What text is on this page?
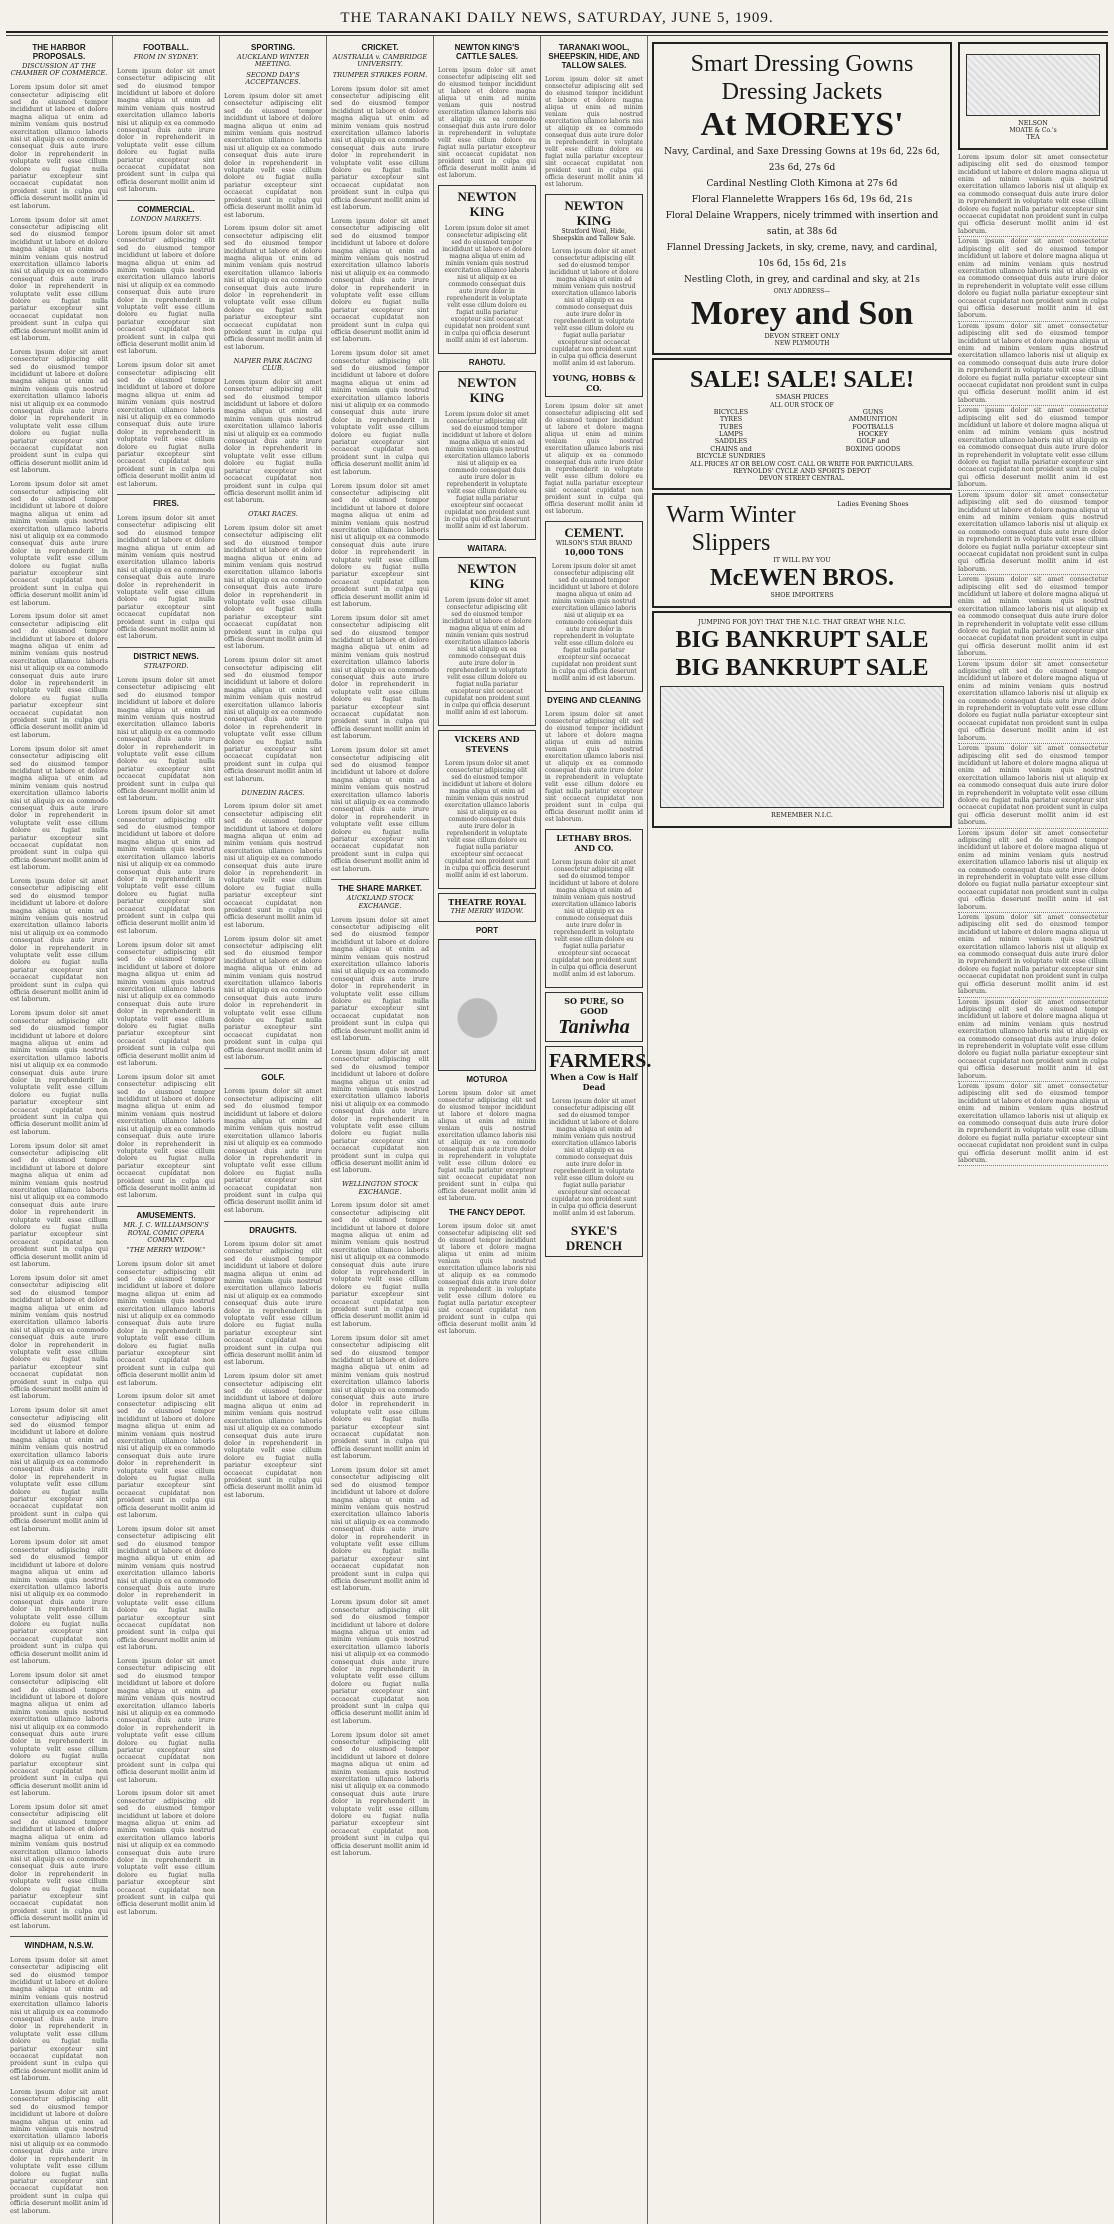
THE TARANAKI DAILY NEWS, SATURDAY, JUNE 5, 1909.
THE HARBOR PROPOSALS.
DISCUSSION AT THE CHAMBER OF COMMERCE.

Lorem ipsum dolor sit amet consectetur adipiscing elit sed do eiusmod tempor incididunt ut labore et dolore magna aliqua ut enim ad minim veniam quis nostrud exercitation ullamco laboris nisi ut aliquip ex ea commodo consequat duis aute irure dolor in reprehenderit in voluptate velit esse cillum dolore eu fugiat nulla pariatur excepteur sint occaecat cupidatat non proident sunt in culpa qui officia deserunt mollit anim id est laborum.

Lorem ipsum dolor sit amet consectetur adipiscing elit sed do eiusmod tempor incididunt ut labore et dolore magna aliqua ut enim ad minim veniam quis nostrud exercitation ullamco laboris nisi ut aliquip ex ea commodo consequat duis aute irure dolor in reprehenderit in voluptate velit esse cillum dolore eu fugiat nulla pariatur excepteur sint occaecat cupidatat non proident sunt in culpa qui officia deserunt mollit anim id est laborum.

Lorem ipsum dolor sit amet consectetur adipiscing elit sed do eiusmod tempor incididunt ut labore et dolore magna aliqua ut enim ad minim veniam quis nostrud exercitation ullamco laboris nisi ut aliquip ex ea commodo consequat duis aute irure dolor in reprehenderit in voluptate velit esse cillum dolore eu fugiat nulla pariatur excepteur sint occaecat cupidatat non proident sunt in culpa qui officia deserunt mollit anim id est laborum.

Lorem ipsum dolor sit amet consectetur adipiscing elit sed do eiusmod tempor incididunt ut labore et dolore magna aliqua ut enim ad minim veniam quis nostrud exercitation ullamco laboris nisi ut aliquip ex ea commodo consequat duis aute irure dolor in reprehenderit in voluptate velit esse cillum dolore eu fugiat nulla pariatur excepteur sint occaecat cupidatat non proident sunt in culpa qui officia deserunt mollit anim id est laborum.

Lorem ipsum dolor sit amet consectetur adipiscing elit sed do eiusmod tempor incididunt ut labore et dolore magna aliqua ut enim ad minim veniam quis nostrud exercitation ullamco laboris nisi ut aliquip ex ea commodo consequat duis aute irure dolor in reprehenderit in voluptate velit esse cillum dolore eu fugiat nulla pariatur excepteur sint occaecat cupidatat non proident sunt in culpa qui officia deserunt mollit anim id est laborum.

Lorem ipsum dolor sit amet consectetur adipiscing elit sed do eiusmod tempor incididunt ut labore et dolore magna aliqua ut enim ad minim veniam quis nostrud exercitation ullamco laboris nisi ut aliquip ex ea commodo consequat duis aute irure dolor in reprehenderit in voluptate velit esse cillum dolore eu fugiat nulla pariatur excepteur sint occaecat cupidatat non proident sunt in culpa qui officia deserunt mollit anim id est laborum.

Lorem ipsum dolor sit amet consectetur adipiscing elit sed do eiusmod tempor incididunt ut labore et dolore magna aliqua ut enim ad minim veniam quis nostrud exercitation ullamco laboris nisi ut aliquip ex ea commodo consequat duis aute irure dolor in reprehenderit in voluptate velit esse cillum dolore eu fugiat nulla pariatur excepteur sint occaecat cupidatat non proident sunt in culpa qui officia deserunt mollit anim id est laborum.

Lorem ipsum dolor sit amet consectetur adipiscing elit sed do eiusmod tempor incididunt ut labore et dolore magna aliqua ut enim ad minim veniam quis nostrud exercitation ullamco laboris nisi ut aliquip ex ea commodo consequat duis aute irure dolor in reprehenderit in voluptate velit esse cillum dolore eu fugiat nulla pariatur excepteur sint occaecat cupidatat non proident sunt in culpa qui officia deserunt mollit anim id est laborum.

Lorem ipsum dolor sit amet consectetur adipiscing elit sed do eiusmod tempor incididunt ut labore et dolore magna aliqua ut enim ad minim veniam quis nostrud exercitation ullamco laboris nisi ut aliquip ex ea commodo consequat duis aute irure dolor in reprehenderit in voluptate velit esse cillum dolore eu fugiat nulla pariatur excepteur sint occaecat cupidatat non proident sunt in culpa qui officia deserunt mollit anim id est laborum.

Lorem ipsum dolor sit amet consectetur adipiscing elit sed do eiusmod tempor incididunt ut labore et dolore magna aliqua ut enim ad minim veniam quis nostrud exercitation ullamco laboris nisi ut aliquip ex ea commodo consequat duis aute irure dolor in reprehenderit in voluptate velit esse cillum dolore eu fugiat nulla pariatur excepteur sint occaecat cupidatat non proident sunt in culpa qui officia deserunt mollit anim id est laborum.

Lorem ipsum dolor sit amet consectetur adipiscing elit sed do eiusmod tempor incididunt ut labore et dolore magna aliqua ut enim ad minim veniam quis nostrud exercitation ullamco laboris nisi ut aliquip ex ea commodo consequat duis aute irure dolor in reprehenderit in voluptate velit esse cillum dolore eu fugiat nulla pariatur excepteur sint occaecat cupidatat non proident sunt in culpa qui officia deserunt mollit anim id est laborum.

Lorem ipsum dolor sit amet consectetur adipiscing elit sed do eiusmod tempor incididunt ut labore et dolore magna aliqua ut enim ad minim veniam quis nostrud exercitation ullamco laboris nisi ut aliquip ex ea commodo consequat duis aute irure dolor in reprehenderit in voluptate velit esse cillum dolore eu fugiat nulla pariatur excepteur sint occaecat cupidatat non proident sunt in culpa qui officia deserunt mollit anim id est laborum.

Lorem ipsum dolor sit amet consectetur adipiscing elit sed do eiusmod tempor incididunt ut labore et dolore magna aliqua ut enim ad minim veniam quis nostrud exercitation ullamco laboris nisi ut aliquip ex ea commodo consequat duis aute irure dolor in reprehenderit in voluptate velit esse cillum dolore eu fugiat nulla pariatur excepteur sint occaecat cupidatat non proident sunt in culpa qui officia deserunt mollit anim id est laborum.

Lorem ipsum dolor sit amet consectetur adipiscing elit sed do eiusmod tempor incididunt ut labore et dolore magna aliqua ut enim ad minim veniam quis nostrud exercitation ullamco laboris nisi ut aliquip ex ea commodo consequat duis aute irure dolor in reprehenderit in voluptate velit esse cillum dolore eu fugiat nulla pariatur excepteur sint occaecat cupidatat non proident sunt in culpa qui officia deserunt mollit anim id est laborum.

WINDHAM, N.S.W.

Lorem ipsum dolor sit amet consectetur adipiscing elit sed do eiusmod tempor incididunt ut labore et dolore magna aliqua ut enim ad minim veniam quis nostrud exercitation ullamco laboris nisi ut aliquip ex ea commodo consequat duis aute irure dolor in reprehenderit in voluptate velit esse cillum dolore eu fugiat nulla pariatur excepteur sint occaecat cupidatat non proident sunt in culpa qui officia deserunt mollit anim id est laborum.

Lorem ipsum dolor sit amet consectetur adipiscing elit sed do eiusmod tempor incididunt ut labore et dolore magna aliqua ut enim ad minim veniam quis nostrud exercitation ullamco laboris nisi ut aliquip ex ea commodo consequat duis aute irure dolor in reprehenderit in voluptate velit esse cillum dolore eu fugiat nulla pariatur excepteur sint occaecat cupidatat non proident sunt in culpa qui officia deserunt mollit anim id est laborum.

FOOTBALL.
FROM IN SYDNEY.

Lorem ipsum dolor sit amet consectetur adipiscing elit sed do eiusmod tempor incididunt ut labore et dolore magna aliqua ut enim ad minim veniam quis nostrud exercitation ullamco laboris nisi ut aliquip ex ea commodo consequat duis aute irure dolor in reprehenderit in voluptate velit esse cillum dolore eu fugiat nulla pariatur excepteur sint occaecat cupidatat non proident sunt in culpa qui officia deserunt mollit anim id est laborum.

COMMERCIAL.
LONDON MARKETS.

Lorem ipsum dolor sit amet consectetur adipiscing elit sed do eiusmod tempor incididunt ut labore et dolore magna aliqua ut enim ad minim veniam quis nostrud exercitation ullamco laboris nisi ut aliquip ex ea commodo consequat duis aute irure dolor in reprehenderit in voluptate velit esse cillum dolore eu fugiat nulla pariatur excepteur sint occaecat cupidatat non proident sunt in culpa qui officia deserunt mollit anim id est laborum.

Lorem ipsum dolor sit amet consectetur adipiscing elit sed do eiusmod tempor incididunt ut labore et dolore magna aliqua ut enim ad minim veniam quis nostrud exercitation ullamco laboris nisi ut aliquip ex ea commodo consequat duis aute irure dolor in reprehenderit in voluptate velit esse cillum dolore eu fugiat nulla pariatur excepteur sint occaecat cupidatat non proident sunt in culpa qui officia deserunt mollit anim id est laborum.

FIRES.

Lorem ipsum dolor sit amet consectetur adipiscing elit sed do eiusmod tempor incididunt ut labore et dolore magna aliqua ut enim ad minim veniam quis nostrud exercitation ullamco laboris nisi ut aliquip ex ea commodo consequat duis aute irure dolor in reprehenderit in voluptate velit esse cillum dolore eu fugiat nulla pariatur excepteur sint occaecat cupidatat non proident sunt in culpa qui officia deserunt mollit anim id est laborum.

DISTRICT NEWS.
STRATFORD.

Lorem ipsum dolor sit amet consectetur adipiscing elit sed do eiusmod tempor incididunt ut labore et dolore magna aliqua ut enim ad minim veniam quis nostrud exercitation ullamco laboris nisi ut aliquip ex ea commodo consequat duis aute irure dolor in reprehenderit in voluptate velit esse cillum dolore eu fugiat nulla pariatur excepteur sint occaecat cupidatat non proident sunt in culpa qui officia deserunt mollit anim id est laborum.

Lorem ipsum dolor sit amet consectetur adipiscing elit sed do eiusmod tempor incididunt ut labore et dolore magna aliqua ut enim ad minim veniam quis nostrud exercitation ullamco laboris nisi ut aliquip ex ea commodo consequat duis aute irure dolor in reprehenderit in voluptate velit esse cillum dolore eu fugiat nulla pariatur excepteur sint occaecat cupidatat non proident sunt in culpa qui officia deserunt mollit anim id est laborum.

Lorem ipsum dolor sit amet consectetur adipiscing elit sed do eiusmod tempor incididunt ut labore et dolore magna aliqua ut enim ad minim veniam quis nostrud exercitation ullamco laboris nisi ut aliquip ex ea commodo consequat duis aute irure dolor in reprehenderit in voluptate velit esse cillum dolore eu fugiat nulla pariatur excepteur sint occaecat cupidatat non proident sunt in culpa qui officia deserunt mollit anim id est laborum.

Lorem ipsum dolor sit amet consectetur adipiscing elit sed do eiusmod tempor incididunt ut labore et dolore magna aliqua ut enim ad minim veniam quis nostrud exercitation ullamco laboris nisi ut aliquip ex ea commodo consequat duis aute irure dolor in reprehenderit in voluptate velit esse cillum dolore eu fugiat nulla pariatur excepteur sint occaecat cupidatat non proident sunt in culpa qui officia deserunt mollit anim id est laborum.

AMUSEMENTS.
MR. J. C. WILLIAMSON'S ROYAL COMIC OPERA COMPANY.
"THE MERRY WIDOW."

Lorem ipsum dolor sit amet consectetur adipiscing elit sed do eiusmod tempor incididunt ut labore et dolore magna aliqua ut enim ad minim veniam quis nostrud exercitation ullamco laboris nisi ut aliquip ex ea commodo consequat duis aute irure dolor in reprehenderit in voluptate velit esse cillum dolore eu fugiat nulla pariatur excepteur sint occaecat cupidatat non proident sunt in culpa qui officia deserunt mollit anim id est laborum.

Lorem ipsum dolor sit amet consectetur adipiscing elit sed do eiusmod tempor incididunt ut labore et dolore magna aliqua ut enim ad minim veniam quis nostrud exercitation ullamco laboris nisi ut aliquip ex ea commodo consequat duis aute irure dolor in reprehenderit in voluptate velit esse cillum dolore eu fugiat nulla pariatur excepteur sint occaecat cupidatat non proident sunt in culpa qui officia deserunt mollit anim id est laborum.

Lorem ipsum dolor sit amet consectetur adipiscing elit sed do eiusmod tempor incididunt ut labore et dolore magna aliqua ut enim ad minim veniam quis nostrud exercitation ullamco laboris nisi ut aliquip ex ea commodo consequat duis aute irure dolor in reprehenderit in voluptate velit esse cillum dolore eu fugiat nulla pariatur excepteur sint occaecat cupidatat non proident sunt in culpa qui officia deserunt mollit anim id est laborum.

Lorem ipsum dolor sit amet consectetur adipiscing elit sed do eiusmod tempor incididunt ut labore et dolore magna aliqua ut enim ad minim veniam quis nostrud exercitation ullamco laboris nisi ut aliquip ex ea commodo consequat duis aute irure dolor in reprehenderit in voluptate velit esse cillum dolore eu fugiat nulla pariatur excepteur sint occaecat cupidatat non proident sunt in culpa qui officia deserunt mollit anim id est laborum.

Lorem ipsum dolor sit amet consectetur adipiscing elit sed do eiusmod tempor incididunt ut labore et dolore magna aliqua ut enim ad minim veniam quis nostrud exercitation ullamco laboris nisi ut aliquip ex ea commodo consequat duis aute irure dolor in reprehenderit in voluptate velit esse cillum dolore eu fugiat nulla pariatur excepteur sint occaecat cupidatat non proident sunt in culpa qui officia deserunt mollit anim id est laborum.

SPORTING.
AUCKLAND WINTER MEETING.
SECOND DAY'S ACCEPTANCES.

Lorem ipsum dolor sit amet consectetur adipiscing elit sed do eiusmod tempor incididunt ut labore et dolore magna aliqua ut enim ad minim veniam quis nostrud exercitation ullamco laboris nisi ut aliquip ex ea commodo consequat duis aute irure dolor in reprehenderit in voluptate velit esse cillum dolore eu fugiat nulla pariatur excepteur sint occaecat cupidatat non proident sunt in culpa qui officia deserunt mollit anim id est laborum.

Lorem ipsum dolor sit amet consectetur adipiscing elit sed do eiusmod tempor incididunt ut labore et dolore magna aliqua ut enim ad minim veniam quis nostrud exercitation ullamco laboris nisi ut aliquip ex ea commodo consequat duis aute irure dolor in reprehenderit in voluptate velit esse cillum dolore eu fugiat nulla pariatur excepteur sint occaecat cupidatat non proident sunt in culpa qui officia deserunt mollit anim id est laborum.

NAPIER PARK RACING CLUB.

Lorem ipsum dolor sit amet consectetur adipiscing elit sed do eiusmod tempor incididunt ut labore et dolore magna aliqua ut enim ad minim veniam quis nostrud exercitation ullamco laboris nisi ut aliquip ex ea commodo consequat duis aute irure dolor in reprehenderit in voluptate velit esse cillum dolore eu fugiat nulla pariatur excepteur sint occaecat cupidatat non proident sunt in culpa qui officia deserunt mollit anim id est laborum.

OTAKI RACES.

Lorem ipsum dolor sit amet consectetur adipiscing elit sed do eiusmod tempor incididunt ut labore et dolore magna aliqua ut enim ad minim veniam quis nostrud exercitation ullamco laboris nisi ut aliquip ex ea commodo consequat duis aute irure dolor in reprehenderit in voluptate velit esse cillum dolore eu fugiat nulla pariatur excepteur sint occaecat cupidatat non proident sunt in culpa qui officia deserunt mollit anim id est laborum.

Lorem ipsum dolor sit amet consectetur adipiscing elit sed do eiusmod tempor incididunt ut labore et dolore magna aliqua ut enim ad minim veniam quis nostrud exercitation ullamco laboris nisi ut aliquip ex ea commodo consequat duis aute irure dolor in reprehenderit in voluptate velit esse cillum dolore eu fugiat nulla pariatur excepteur sint occaecat cupidatat non proident sunt in culpa qui officia deserunt mollit anim id est laborum.

DUNEDIN RACES.

Lorem ipsum dolor sit amet consectetur adipiscing elit sed do eiusmod tempor incididunt ut labore et dolore magna aliqua ut enim ad minim veniam quis nostrud exercitation ullamco laboris nisi ut aliquip ex ea commodo consequat duis aute irure dolor in reprehenderit in voluptate velit esse cillum dolore eu fugiat nulla pariatur excepteur sint occaecat cupidatat non proident sunt in culpa qui officia deserunt mollit anim id est laborum.

Lorem ipsum dolor sit amet consectetur adipiscing elit sed do eiusmod tempor incididunt ut labore et dolore magna aliqua ut enim ad minim veniam quis nostrud exercitation ullamco laboris nisi ut aliquip ex ea commodo consequat duis aute irure dolor in reprehenderit in voluptate velit esse cillum dolore eu fugiat nulla pariatur excepteur sint occaecat cupidatat non proident sunt in culpa qui officia deserunt mollit anim id est laborum.

GOLF.

Lorem ipsum dolor sit amet consectetur adipiscing elit sed do eiusmod tempor incididunt ut labore et dolore magna aliqua ut enim ad minim veniam quis nostrud exercitation ullamco laboris nisi ut aliquip ex ea commodo consequat duis aute irure dolor in reprehenderit in voluptate velit esse cillum dolore eu fugiat nulla pariatur excepteur sint occaecat cupidatat non proident sunt in culpa qui officia deserunt mollit anim id est laborum.

DRAUGHTS.

Lorem ipsum dolor sit amet consectetur adipiscing elit sed do eiusmod tempor incididunt ut labore et dolore magna aliqua ut enim ad minim veniam quis nostrud exercitation ullamco laboris nisi ut aliquip ex ea commodo consequat duis aute irure dolor in reprehenderit in voluptate velit esse cillum dolore eu fugiat nulla pariatur excepteur sint occaecat cupidatat non proident sunt in culpa qui officia deserunt mollit anim id est laborum.

Lorem ipsum dolor sit amet consectetur adipiscing elit sed do eiusmod tempor incididunt ut labore et dolore magna aliqua ut enim ad minim veniam quis nostrud exercitation ullamco laboris nisi ut aliquip ex ea commodo consequat duis aute irure dolor in reprehenderit in voluptate velit esse cillum dolore eu fugiat nulla pariatur excepteur sint occaecat cupidatat non proident sunt in culpa qui officia deserunt mollit anim id est laborum.

CRICKET.
AUSTRALIA v. CAMBRIDGE UNIVERSITY.
TRUMPER STRIKES FORM.

Lorem ipsum dolor sit amet consectetur adipiscing elit sed do eiusmod tempor incididunt ut labore et dolore magna aliqua ut enim ad minim veniam quis nostrud exercitation ullamco laboris nisi ut aliquip ex ea commodo consequat duis aute irure dolor in reprehenderit in voluptate velit esse cillum dolore eu fugiat nulla pariatur excepteur sint occaecat cupidatat non proident sunt in culpa qui officia deserunt mollit anim id est laborum.

Lorem ipsum dolor sit amet consectetur adipiscing elit sed do eiusmod tempor incididunt ut labore et dolore magna aliqua ut enim ad minim veniam quis nostrud exercitation ullamco laboris nisi ut aliquip ex ea commodo consequat duis aute irure dolor in reprehenderit in voluptate velit esse cillum dolore eu fugiat nulla pariatur excepteur sint occaecat cupidatat non proident sunt in culpa qui officia deserunt mollit anim id est laborum.

Lorem ipsum dolor sit amet consectetur adipiscing elit sed do eiusmod tempor incididunt ut labore et dolore magna aliqua ut enim ad minim veniam quis nostrud exercitation ullamco laboris nisi ut aliquip ex ea commodo consequat duis aute irure dolor in reprehenderit in voluptate velit esse cillum dolore eu fugiat nulla pariatur excepteur sint occaecat cupidatat non proident sunt in culpa qui officia deserunt mollit anim id est laborum.

Lorem ipsum dolor sit amet consectetur adipiscing elit sed do eiusmod tempor incididunt ut labore et dolore magna aliqua ut enim ad minim veniam quis nostrud exercitation ullamco laboris nisi ut aliquip ex ea commodo consequat duis aute irure dolor in reprehenderit in voluptate velit esse cillum dolore eu fugiat nulla pariatur excepteur sint occaecat cupidatat non proident sunt in culpa qui officia deserunt mollit anim id est laborum.

Lorem ipsum dolor sit amet consectetur adipiscing elit sed do eiusmod tempor incididunt ut labore et dolore magna aliqua ut enim ad minim veniam quis nostrud exercitation ullamco laboris nisi ut aliquip ex ea commodo consequat duis aute irure dolor in reprehenderit in voluptate velit esse cillum dolore eu fugiat nulla pariatur excepteur sint occaecat cupidatat non proident sunt in culpa qui officia deserunt mollit anim id est laborum.

Lorem ipsum dolor sit amet consectetur adipiscing elit sed do eiusmod tempor incididunt ut labore et dolore magna aliqua ut enim ad minim veniam quis nostrud exercitation ullamco laboris nisi ut aliquip ex ea commodo consequat duis aute irure dolor in reprehenderit in voluptate velit esse cillum dolore eu fugiat nulla pariatur excepteur sint occaecat cupidatat non proident sunt in culpa qui officia deserunt mollit anim id est laborum.

THE SHARE MARKET.
AUCKLAND STOCK EXCHANGE.

Lorem ipsum dolor sit amet consectetur adipiscing elit sed do eiusmod tempor incididunt ut labore et dolore magna aliqua ut enim ad minim veniam quis nostrud exercitation ullamco laboris nisi ut aliquip ex ea commodo consequat duis aute irure dolor in reprehenderit in voluptate velit esse cillum dolore eu fugiat nulla pariatur excepteur sint occaecat cupidatat non proident sunt in culpa qui officia deserunt mollit anim id est laborum.

Lorem ipsum dolor sit amet consectetur adipiscing elit sed do eiusmod tempor incididunt ut labore et dolore magna aliqua ut enim ad minim veniam quis nostrud exercitation ullamco laboris nisi ut aliquip ex ea commodo consequat duis aute irure dolor in reprehenderit in voluptate velit esse cillum dolore eu fugiat nulla pariatur excepteur sint occaecat cupidatat non proident sunt in culpa qui officia deserunt mollit anim id est laborum.

WELLINGTON STOCK EXCHANGE.

Lorem ipsum dolor sit amet consectetur adipiscing elit sed do eiusmod tempor incididunt ut labore et dolore magna aliqua ut enim ad minim veniam quis nostrud exercitation ullamco laboris nisi ut aliquip ex ea commodo consequat duis aute irure dolor in reprehenderit in voluptate velit esse cillum dolore eu fugiat nulla pariatur excepteur sint occaecat cupidatat non proident sunt in culpa qui officia deserunt mollit anim id est laborum.

Lorem ipsum dolor sit amet consectetur adipiscing elit sed do eiusmod tempor incididunt ut labore et dolore magna aliqua ut enim ad minim veniam quis nostrud exercitation ullamco laboris nisi ut aliquip ex ea commodo consequat duis aute irure dolor in reprehenderit in voluptate velit esse cillum dolore eu fugiat nulla pariatur excepteur sint occaecat cupidatat non proident sunt in culpa qui officia deserunt mollit anim id est laborum.

Lorem ipsum dolor sit amet consectetur adipiscing elit sed do eiusmod tempor incididunt ut labore et dolore magna aliqua ut enim ad minim veniam quis nostrud exercitation ullamco laboris nisi ut aliquip ex ea commodo consequat duis aute irure dolor in reprehenderit in voluptate velit esse cillum dolore eu fugiat nulla pariatur excepteur sint occaecat cupidatat non proident sunt in culpa qui officia deserunt mollit anim id est laborum.

Lorem ipsum dolor sit amet consectetur adipiscing elit sed do eiusmod tempor incididunt ut labore et dolore magna aliqua ut enim ad minim veniam quis nostrud exercitation ullamco laboris nisi ut aliquip ex ea commodo consequat duis aute irure dolor in reprehenderit in voluptate velit esse cillum dolore eu fugiat nulla pariatur excepteur sint occaecat cupidatat non proident sunt in culpa qui officia deserunt mollit anim id est laborum.

Lorem ipsum dolor sit amet consectetur adipiscing elit sed do eiusmod tempor incididunt ut labore et dolore magna aliqua ut enim ad minim veniam quis nostrud exercitation ullamco laboris nisi ut aliquip ex ea commodo consequat duis aute irure dolor in reprehenderit in voluptate velit esse cillum dolore eu fugiat nulla pariatur excepteur sint occaecat cupidatat non proident sunt in culpa qui officia deserunt mollit anim id est laborum.

NEWTON KING'S CATTLE SALES.

Lorem ipsum dolor sit amet consectetur adipiscing elit sed do eiusmod tempor incididunt ut labore et dolore magna aliqua ut enim ad minim veniam quis nostrud exercitation ullamco laboris nisi ut aliquip ex ea commodo consequat duis aute irure dolor in reprehenderit in voluptate velit esse cillum dolore eu fugiat nulla pariatur excepteur sint occaecat cupidatat non proident sunt in culpa qui officia deserunt mollit anim id est laborum.

NEWTON KING

Lorem ipsum dolor sit amet consectetur adipiscing elit sed do eiusmod tempor incididunt ut labore et dolore magna aliqua ut enim ad minim veniam quis nostrud exercitation ullamco laboris nisi ut aliquip ex ea commodo consequat duis aute irure dolor in reprehenderit in voluptate velit esse cillum dolore eu fugiat nulla pariatur excepteur sint occaecat cupidatat non proident sunt in culpa qui officia deserunt mollit anim id est laborum.

RAHOTU.
NEWTON KING

Lorem ipsum dolor sit amet consectetur adipiscing elit sed do eiusmod tempor incididunt ut labore et dolore magna aliqua ut enim ad minim veniam quis nostrud exercitation ullamco laboris nisi ut aliquip ex ea commodo consequat duis aute irure dolor in reprehenderit in voluptate velit esse cillum dolore eu fugiat nulla pariatur excepteur sint occaecat cupidatat non proident sunt in culpa qui officia deserunt mollit anim id est laborum.

WAITARA.
NEWTON KING

Lorem ipsum dolor sit amet consectetur adipiscing elit sed do eiusmod tempor incididunt ut labore et dolore magna aliqua ut enim ad minim veniam quis nostrud exercitation ullamco laboris nisi ut aliquip ex ea commodo consequat duis aute irure dolor in reprehenderit in voluptate velit esse cillum dolore eu fugiat nulla pariatur excepteur sint occaecat cupidatat non proident sunt in culpa qui officia deserunt mollit anim id est laborum.

VICKERS AND STEVENS

Lorem ipsum dolor sit amet consectetur adipiscing elit sed do eiusmod tempor incididunt ut labore et dolore magna aliqua ut enim ad minim veniam quis nostrud exercitation ullamco laboris nisi ut aliquip ex ea commodo consequat duis aute irure dolor in reprehenderit in voluptate velit esse cillum dolore eu fugiat nulla pariatur excepteur sint occaecat cupidatat non proident sunt in culpa qui officia deserunt mollit anim id est laborum.

THEATRE ROYAL
THE MERRY WIDOW.
PORT
MOTUROA

Lorem ipsum dolor sit amet consectetur adipiscing elit sed do eiusmod tempor incididunt ut labore et dolore magna aliqua ut enim ad minim veniam quis nostrud exercitation ullamco laboris nisi ut aliquip ex ea commodo consequat duis aute irure dolor in reprehenderit in voluptate velit esse cillum dolore eu fugiat nulla pariatur excepteur sint occaecat cupidatat non proident sunt in culpa qui officia deserunt mollit anim id est laborum.

THE FANCY DEPOT.

Lorem ipsum dolor sit amet consectetur adipiscing elit sed do eiusmod tempor incididunt ut labore et dolore magna aliqua ut enim ad minim veniam quis nostrud exercitation ullamco laboris nisi ut aliquip ex ea commodo consequat duis aute irure dolor in reprehenderit in voluptate velit esse cillum dolore eu fugiat nulla pariatur excepteur sint occaecat cupidatat non proident sunt in culpa qui officia deserunt mollit anim id est laborum.

TARANAKI WOOL, SHEEPSKIN, HIDE, AND TALLOW SALES.

Lorem ipsum dolor sit amet consectetur adipiscing elit sed do eiusmod tempor incididunt ut labore et dolore magna aliqua ut enim ad minim veniam quis nostrud exercitation ullamco laboris nisi ut aliquip ex ea commodo consequat duis aute irure dolor in reprehenderit in voluptate velit esse cillum dolore eu fugiat nulla pariatur excepteur sint occaecat cupidatat non proident sunt in culpa qui officia deserunt mollit anim id est laborum.

NEWTON KING
Stratford Wool, Hide, Sheepskin and Tallow Sale.

Lorem ipsum dolor sit amet consectetur adipiscing elit sed do eiusmod tempor incididunt ut labore et dolore magna aliqua ut enim ad minim veniam quis nostrud exercitation ullamco laboris nisi ut aliquip ex ea commodo consequat duis aute irure dolor in reprehenderit in voluptate velit esse cillum dolore eu fugiat nulla pariatur excepteur sint occaecat cupidatat non proident sunt in culpa qui officia deserunt mollit anim id est laborum.

YOUNG, HOBBS & CO.

Lorem ipsum dolor sit amet consectetur adipiscing elit sed do eiusmod tempor incididunt ut labore et dolore magna aliqua ut enim ad minim veniam quis nostrud exercitation ullamco laboris nisi ut aliquip ex ea commodo consequat duis aute irure dolor in reprehenderit in voluptate velit esse cillum dolore eu fugiat nulla pariatur excepteur sint occaecat cupidatat non proident sunt in culpa qui officia deserunt mollit anim id est laborum.

CEMENT.
WILSON'S STAR BRAND
10,000 TONS

Lorem ipsum dolor sit amet consectetur adipiscing elit sed do eiusmod tempor incididunt ut labore et dolore magna aliqua ut enim ad minim veniam quis nostrud exercitation ullamco laboris nisi ut aliquip ex ea commodo consequat duis aute irure dolor in reprehenderit in voluptate velit esse cillum dolore eu fugiat nulla pariatur excepteur sint occaecat cupidatat non proident sunt in culpa qui officia deserunt mollit anim id est laborum.

DYEING AND CLEANING

Lorem ipsum dolor sit amet consectetur adipiscing elit sed do eiusmod tempor incididunt ut labore et dolore magna aliqua ut enim ad minim veniam quis nostrud exercitation ullamco laboris nisi ut aliquip ex ea commodo consequat duis aute irure dolor in reprehenderit in voluptate velit esse cillum dolore eu fugiat nulla pariatur excepteur sint occaecat cupidatat non proident sunt in culpa qui officia deserunt mollit anim id est laborum.

LETHABY BROS. AND CO.

Lorem ipsum dolor sit amet consectetur adipiscing elit sed do eiusmod tempor incididunt ut labore et dolore magna aliqua ut enim ad minim veniam quis nostrud exercitation ullamco laboris nisi ut aliquip ex ea commodo consequat duis aute irure dolor in reprehenderit in voluptate velit esse cillum dolore eu fugiat nulla pariatur excepteur sint occaecat cupidatat non proident sunt in culpa qui officia deserunt mollit anim id est laborum.

SO PURE, SO GOOD
Taniwha
FARMERS.
When a Cow is Half Dead

Lorem ipsum dolor sit amet consectetur adipiscing elit sed do eiusmod tempor incididunt ut labore et dolore magna aliqua ut enim ad minim veniam quis nostrud exercitation ullamco laboris nisi ut aliquip ex ea commodo consequat duis aute irure dolor in reprehenderit in voluptate velit esse cillum dolore eu fugiat nulla pariatur excepteur sint occaecat cupidatat non proident sunt in culpa qui officia deserunt mollit anim id est laborum.

SYKE'S DRENCH
Smart Dressing Gowns
Dressing Jackets
At MOREYS'
Navy, Cardinal, and Saxe Dressing Gowns at 19s 6d, 22s 6d, 23s 6d, 27s 6d
Cardinal Nestling Cloth Kimona at 27s 6d
Floral Flannelette Wrappers 16s 6d, 19s 6d, 21s
Floral Delaine Wrappers, nicely trimmed with insertion and satin, at 38s 6d
Flannel Dressing Jackets, in sky, creme, navy, and cardinal, 10s 6d, 15s 6d, 21s
Nestling Cloth, in grey, and cardinal and sky, at 21s
ONLY ADDRESS—
Morey and Son
DEVON STREET ONLY
NEW PLYMOUTH
SALE! SALE! SALE!
SMASH PRICES
ALL OUR STOCK OF
BICYCLES
TYRES
TUBES
LAMPS
SADDLES
CHAINS and
BICYCLE SUNDRIES
GUNS
AMMUNITION
FOOTBALLS
HOCKEY
GOLF and
BOXING GOODS
ALL PRICES AT OR BELOW COST. CALL OR WRITE FOR PARTICULARS.
REYNOLDS' CYCLE AND SPORTS DEPOT
DEVON STREET CENTRAL.
Warm Winter Slippers
Ladies Evening Shoes
IT WILL PAY YOU
McEWEN BROS.
SHOE IMPORTERS
JUMPING FOR JOY! THAT THE N.I.C. THAT GREAT WHE N.I.C.
BIG BANKRUPT SALE
BIG BANKRUPT SALE
REMEMBER N.I.C.
NELSON
MOATE & Co.'s
TEA
Lorem ipsum dolor sit amet consectetur adipiscing elit sed do eiusmod tempor incididunt ut labore et dolore magna aliqua ut enim ad minim veniam quis nostrud exercitation ullamco laboris nisi ut aliquip ex ea commodo consequat duis aute irure dolor in reprehenderit in voluptate velit esse cillum dolore eu fugiat nulla pariatur excepteur sint occaecat cupidatat non proident sunt in culpa qui officia deserunt mollit anim id est laborum.
Lorem ipsum dolor sit amet consectetur adipiscing elit sed do eiusmod tempor incididunt ut labore et dolore magna aliqua ut enim ad minim veniam quis nostrud exercitation ullamco laboris nisi ut aliquip ex ea commodo consequat duis aute irure dolor in reprehenderit in voluptate velit esse cillum dolore eu fugiat nulla pariatur excepteur sint occaecat cupidatat non proident sunt in culpa qui officia deserunt mollit anim id est laborum.
Lorem ipsum dolor sit amet consectetur adipiscing elit sed do eiusmod tempor incididunt ut labore et dolore magna aliqua ut enim ad minim veniam quis nostrud exercitation ullamco laboris nisi ut aliquip ex ea commodo consequat duis aute irure dolor in reprehenderit in voluptate velit esse cillum dolore eu fugiat nulla pariatur excepteur sint occaecat cupidatat non proident sunt in culpa qui officia deserunt mollit anim id est laborum.
Lorem ipsum dolor sit amet consectetur adipiscing elit sed do eiusmod tempor incididunt ut labore et dolore magna aliqua ut enim ad minim veniam quis nostrud exercitation ullamco laboris nisi ut aliquip ex ea commodo consequat duis aute irure dolor in reprehenderit in voluptate velit esse cillum dolore eu fugiat nulla pariatur excepteur sint occaecat cupidatat non proident sunt in culpa qui officia deserunt mollit anim id est laborum.
Lorem ipsum dolor sit amet consectetur adipiscing elit sed do eiusmod tempor incididunt ut labore et dolore magna aliqua ut enim ad minim veniam quis nostrud exercitation ullamco laboris nisi ut aliquip ex ea commodo consequat duis aute irure dolor in reprehenderit in voluptate velit esse cillum dolore eu fugiat nulla pariatur excepteur sint occaecat cupidatat non proident sunt in culpa qui officia deserunt mollit anim id est laborum.
Lorem ipsum dolor sit amet consectetur adipiscing elit sed do eiusmod tempor incididunt ut labore et dolore magna aliqua ut enim ad minim veniam quis nostrud exercitation ullamco laboris nisi ut aliquip ex ea commodo consequat duis aute irure dolor in reprehenderit in voluptate velit esse cillum dolore eu fugiat nulla pariatur excepteur sint occaecat cupidatat non proident sunt in culpa qui officia deserunt mollit anim id est laborum.
Lorem ipsum dolor sit amet consectetur adipiscing elit sed do eiusmod tempor incididunt ut labore et dolore magna aliqua ut enim ad minim veniam quis nostrud exercitation ullamco laboris nisi ut aliquip ex ea commodo consequat duis aute irure dolor in reprehenderit in voluptate velit esse cillum dolore eu fugiat nulla pariatur excepteur sint occaecat cupidatat non proident sunt in culpa qui officia deserunt mollit anim id est laborum.
Lorem ipsum dolor sit amet consectetur adipiscing elit sed do eiusmod tempor incididunt ut labore et dolore magna aliqua ut enim ad minim veniam quis nostrud exercitation ullamco laboris nisi ut aliquip ex ea commodo consequat duis aute irure dolor in reprehenderit in voluptate velit esse cillum dolore eu fugiat nulla pariatur excepteur sint occaecat cupidatat non proident sunt in culpa qui officia deserunt mollit anim id est laborum.
Lorem ipsum dolor sit amet consectetur adipiscing elit sed do eiusmod tempor incididunt ut labore et dolore magna aliqua ut enim ad minim veniam quis nostrud exercitation ullamco laboris nisi ut aliquip ex ea commodo consequat duis aute irure dolor in reprehenderit in voluptate velit esse cillum dolore eu fugiat nulla pariatur excepteur sint occaecat cupidatat non proident sunt in culpa qui officia deserunt mollit anim id est laborum.
Lorem ipsum dolor sit amet consectetur adipiscing elit sed do eiusmod tempor incididunt ut labore et dolore magna aliqua ut enim ad minim veniam quis nostrud exercitation ullamco laboris nisi ut aliquip ex ea commodo consequat duis aute irure dolor in reprehenderit in voluptate velit esse cillum dolore eu fugiat nulla pariatur excepteur sint occaecat cupidatat non proident sunt in culpa qui officia deserunt mollit anim id est laborum.
Lorem ipsum dolor sit amet consectetur adipiscing elit sed do eiusmod tempor incididunt ut labore et dolore magna aliqua ut enim ad minim veniam quis nostrud exercitation ullamco laboris nisi ut aliquip ex ea commodo consequat duis aute irure dolor in reprehenderit in voluptate velit esse cillum dolore eu fugiat nulla pariatur excepteur sint occaecat cupidatat non proident sunt in culpa qui officia deserunt mollit anim id est laborum.
Lorem ipsum dolor sit amet consectetur adipiscing elit sed do eiusmod tempor incididunt ut labore et dolore magna aliqua ut enim ad minim veniam quis nostrud exercitation ullamco laboris nisi ut aliquip ex ea commodo consequat duis aute irure dolor in reprehenderit in voluptate velit esse cillum dolore eu fugiat nulla pariatur excepteur sint occaecat cupidatat non proident sunt in culpa qui officia deserunt mollit anim id est laborum.
